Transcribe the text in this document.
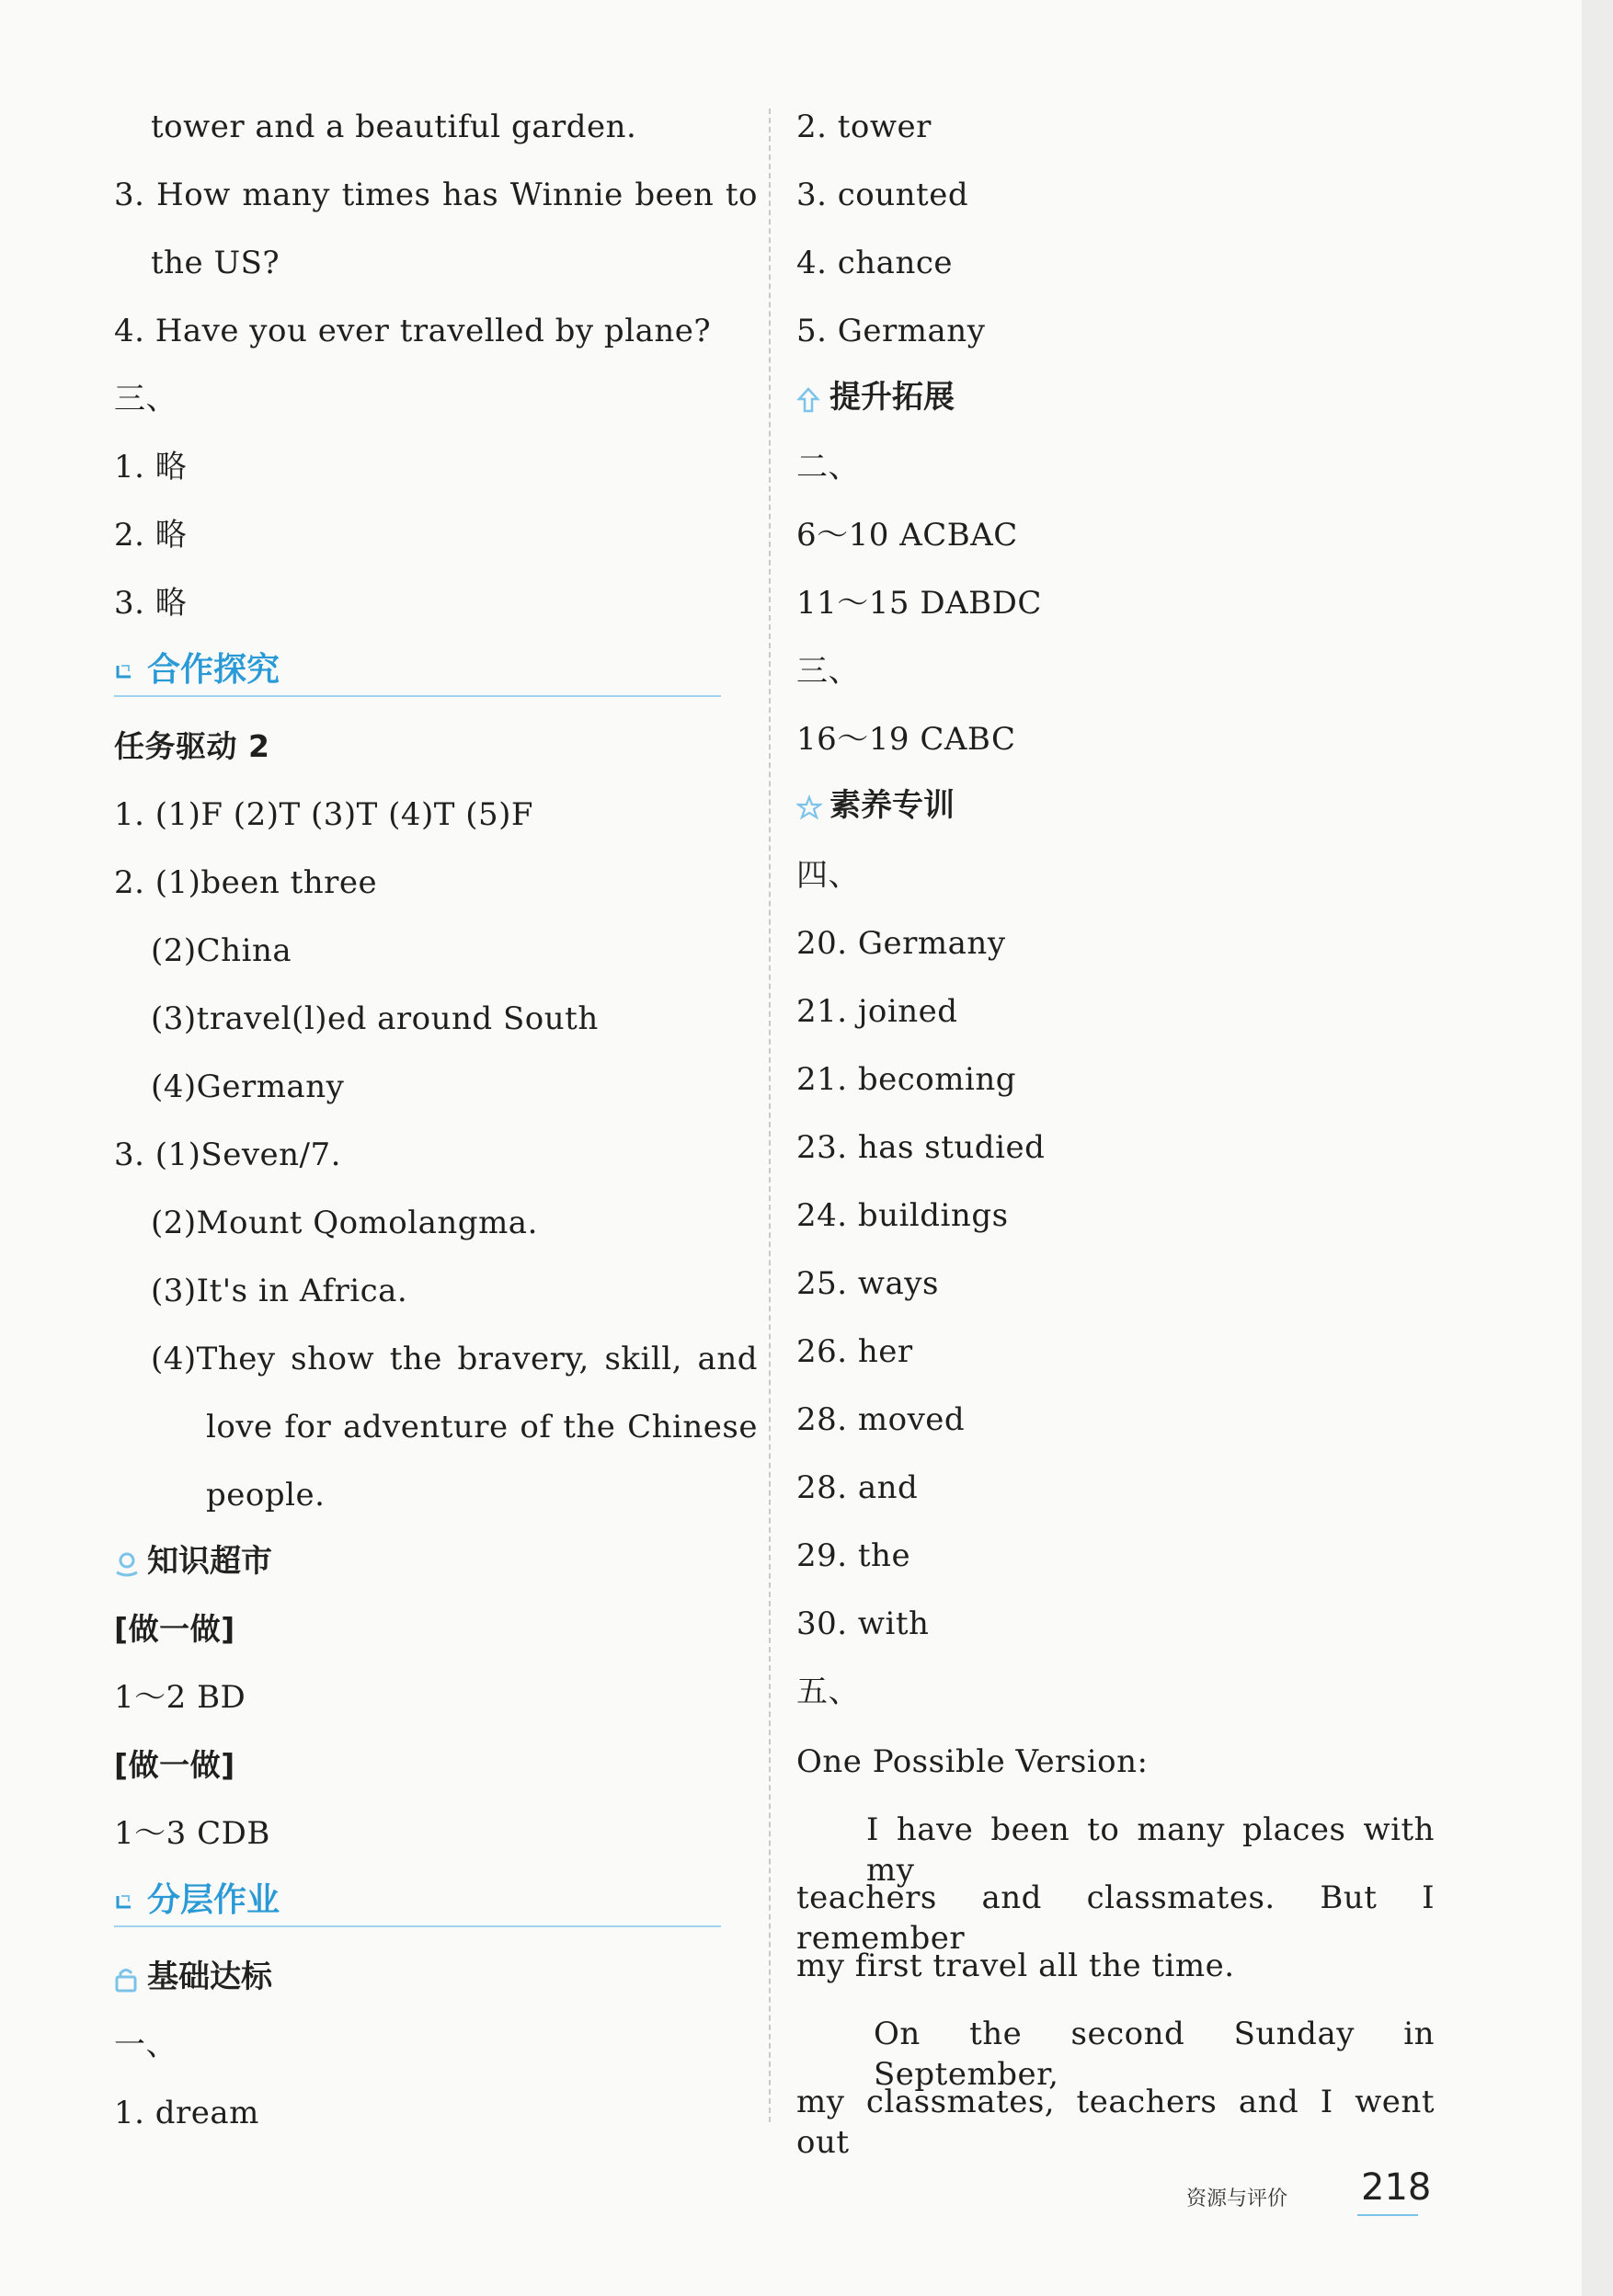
tower and a beautiful garden.
3. How many times has Winnie been to
the US?
4. Have you ever travelled by plane?
三、
1. 略
2. 略
3. 略
合作探究
任务驱动 2
1. (1)F (2)T (3)T (4)T (5)F
2. (1)been three
(2)China
(3)travel(l)ed around South
(4)Germany
3. (1)Seven/7.
(2)Mount Qomolangma.
(3)It's in Africa.
(4)They show the bravery, skill, and
love for adventure of the Chinese
people.
知识超市
[做一做]
1～2 BD
[做一做]
1～3 CDB
分层作业
基础达标
一、
1. dream
2. tower
3. counted
4. chance
5. Germany
提升拓展
二、
6～10 ACBAC
11～15 DABDC
三、
16～19 CABC
素养专训
四、
20. Germany
21. joined
21. becoming
23. has studied
24. buildings
25. ways
26. her
28. moved
28. and
29. the
30. with
五、
One Possible Version:
I have been to many places with my
teachers and classmates. But I remember
my first travel all the time.
On the second Sunday in September,
my classmates, teachers and I went out
资源与评价 218
